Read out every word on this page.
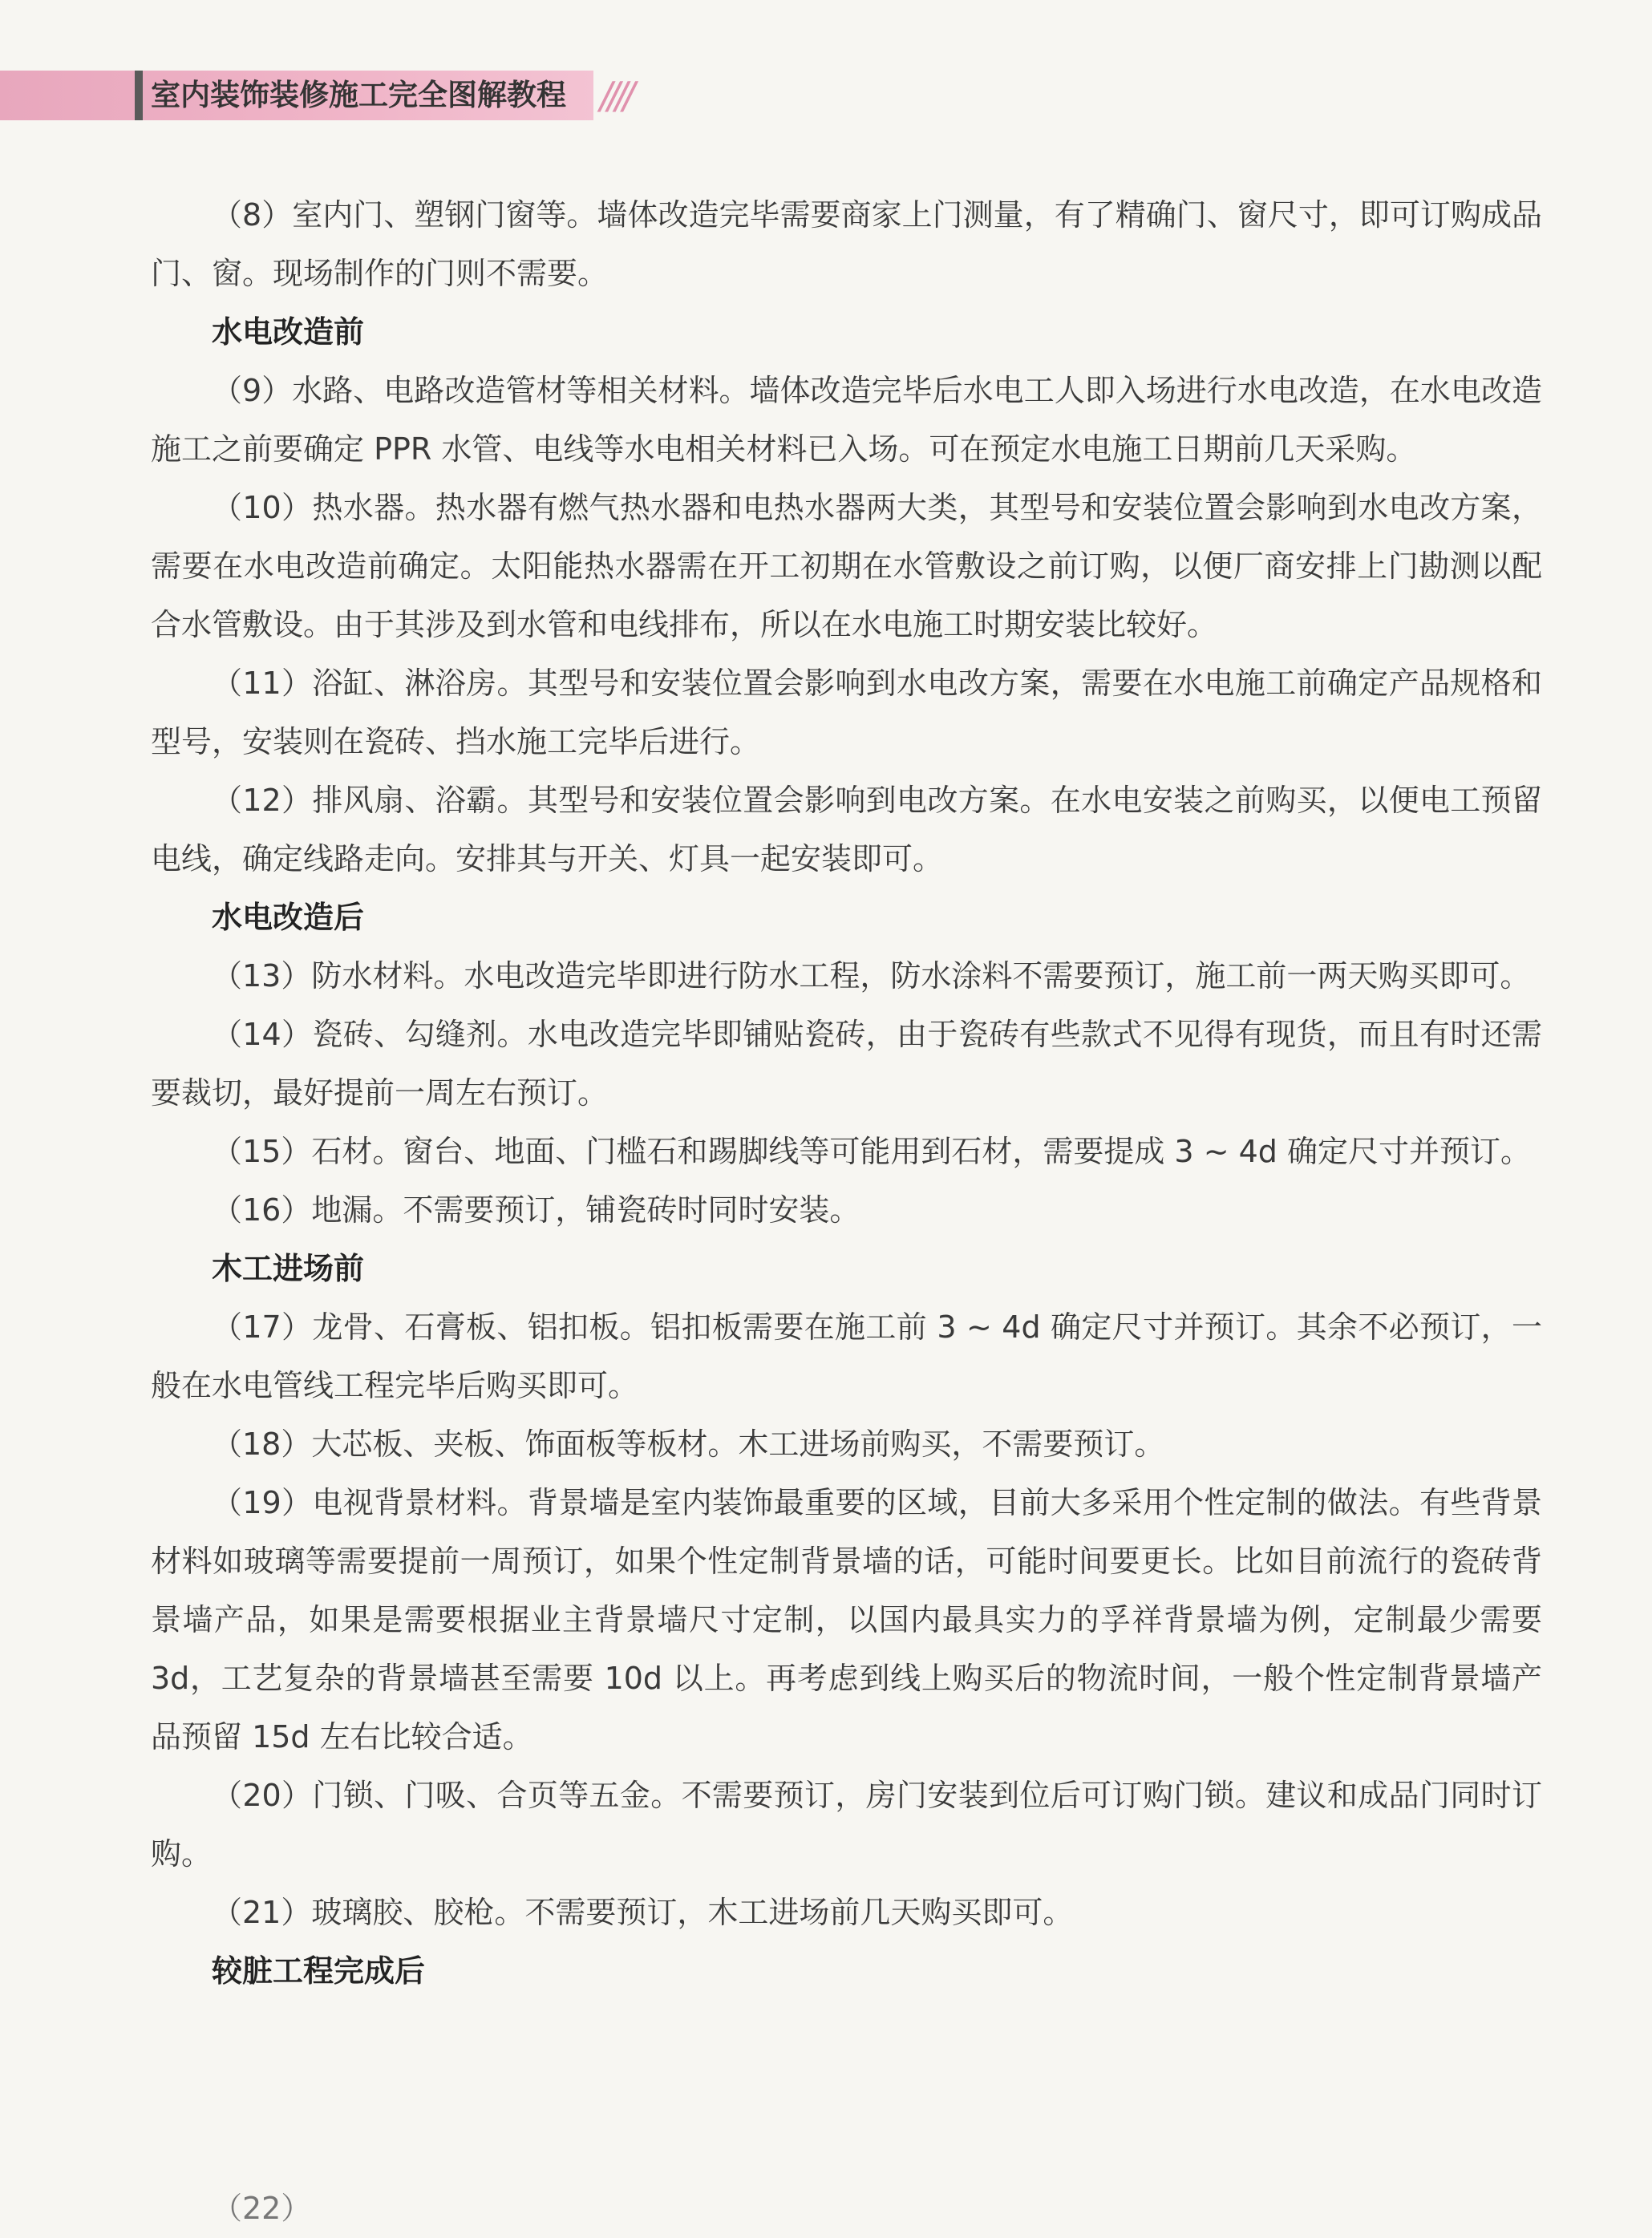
室内装饰装修施工完全图解教程 ////

（8）室内门、塑钢门窗等。墙体改造完毕需要商家上门测量，有了精确门、窗尺寸，即可订购成品门、窗。现场制作的门则不需要。

水电改造前

（9）水路、电路改造管材等相关材料。墙体改造完毕后水电工人即入场进行水电改造，在水电改造施工之前要确定 PPR 水管、电线等水电相关材料已入场。可在预定水电施工日期前几天采购。

（10）热水器。热水器有燃气热水器和电热水器两大类，其型号和安装位置会影响到水电改方案，需要在水电改造前确定。太阳能热水器需在开工初期在水管敷设之前订购，以便厂商安排上门勘测以配合水管敷设。由于其涉及到水管和电线排布，所以在水电施工时期安装比较好。

（11）浴缸、淋浴房。其型号和安装位置会影响到水电改方案，需要在水电施工前确定产品规格和型号，安装则在瓷砖、挡水施工完毕后进行。

（12）排风扇、浴霸。其型号和安装位置会影响到电改方案。在水电安装之前购买，以便电工预留电线，确定线路走向。安排其与开关、灯具一起安装即可。

水电改造后

（13）防水材料。水电改造完毕即进行防水工程，防水涂料不需要预订，施工前一两天购买即可。

（14）瓷砖、勾缝剂。水电改造完毕即铺贴瓷砖，由于瓷砖有些款式不见得有现货，而且有时还需要裁切，最好提前一周左右预订。

（15）石材。窗台、地面、门槛石和踢脚线等可能用到石材，需要提成 3 ~ 4d 确定尺寸并预订。

（16）地漏。不需要预订，铺瓷砖时同时安装。

木工进场前

（17）龙骨、石膏板、铝扣板。铝扣板需要在施工前 3 ~ 4d 确定尺寸并预订。其余不必预订，一般在水电管线工程完毕后购买即可。

（18）大芯板、夹板、饰面板等板材。木工进场前购买，不需要预订。

（19）电视背景材料。背景墙是室内装饰最重要的区域，目前大多采用个性定制的做法。有些背景材料如玻璃等需要提前一周预订，如果个性定制背景墙的话，可能时间要更长。比如目前流行的瓷砖背景墙产品，如果是需要根据业主背景墙尺寸定制，以国内最具实力的孚祥背景墙为例，定制最少需要 3d，工艺复杂的背景墙甚至需要 10d 以上。再考虑到线上购买后的物流时间，一般个性定制背景墙产品预留 15d 左右比较合适。

（20）门锁、门吸、合页等五金。不需要预订，房门安装到位后可订购门锁。建议和成品门同时订购。

（21）玻璃胶、胶枪。不需要预订，木工进场前几天购买即可。

较脏工程完成后

（22）
